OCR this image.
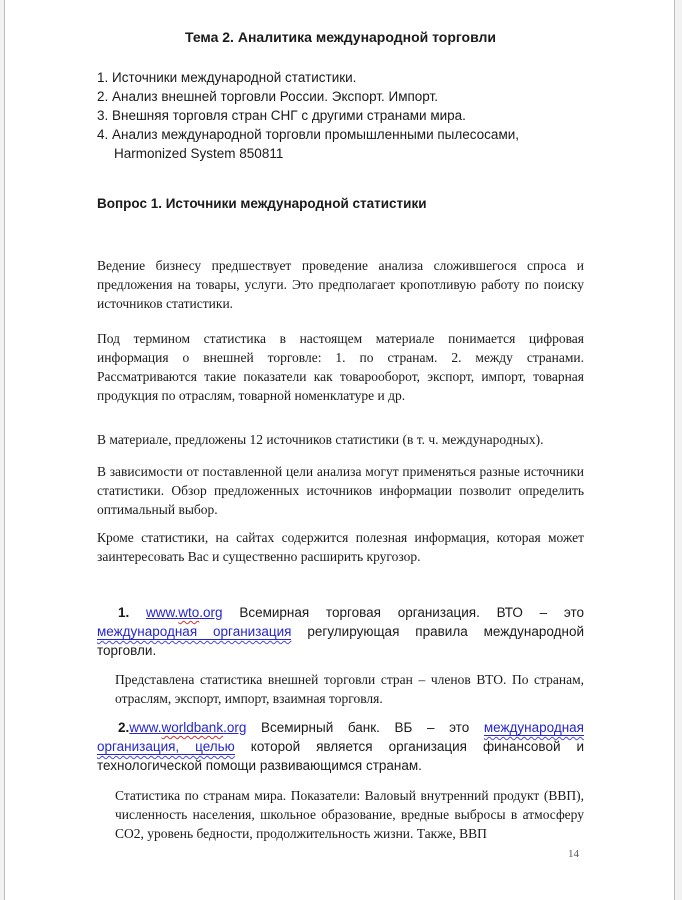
Тема 2. Аналитика международной торговли
1. Источники международной статистики.
2. Анализ внешней торговли России. Экспорт. Импорт.
3. Внешняя торговля стран СНГ с другими странами мира.
4. Анализ международной торговли промышленными пылесосами, Harmonized System 850811
Вопрос 1. Источники международной статистики

Ведение бизнесу предшествует проведение анализа сложившегося спроса и предложения на товары, услуги. Это предполагает кропотливую работу по поиску источников статистики.

Под термином статистика в настоящем материале понимается цифровая информация о внешней торговле: 1. по странам. 2. между странами. Рассматриваются такие показатели как товарооборот, экспорт, импорт, товарная продукция по отраслям, товарной номенклатуре и др.

В материале, предложены 12 источников статистики (в т. ч. международных).

В зависимости от поставленной цели анализа могут применяться разные источники статистики. Обзор предложенных источников информации позволит определить оптимальный выбор.

Кроме статистики, на сайтах содержится полезная информация, которая может заинтересовать Вас и существенно расширить кругозор.

1. www.wto.org Всемирная торговая организация. ВТО – это международная организация регулирующая правила международной торговли.

Представлена статистика внешней торговли стран – членов ВТО. По странам, отраслям, экспорт, импорт, взаимная торговля.

2.www.worldbank.org Всемирный банк. ВБ – это международная организация, целью которой является организация финансовой и технологической помощи развивающимся странам.

Статистика по странам мира. Показатели: Валовый внутренний продукт (ВВП), численность населения, школьное образование, вредные выбросы в атмосферу СО2, уровень бедности, продолжительность жизни. Также, ВВП

14
